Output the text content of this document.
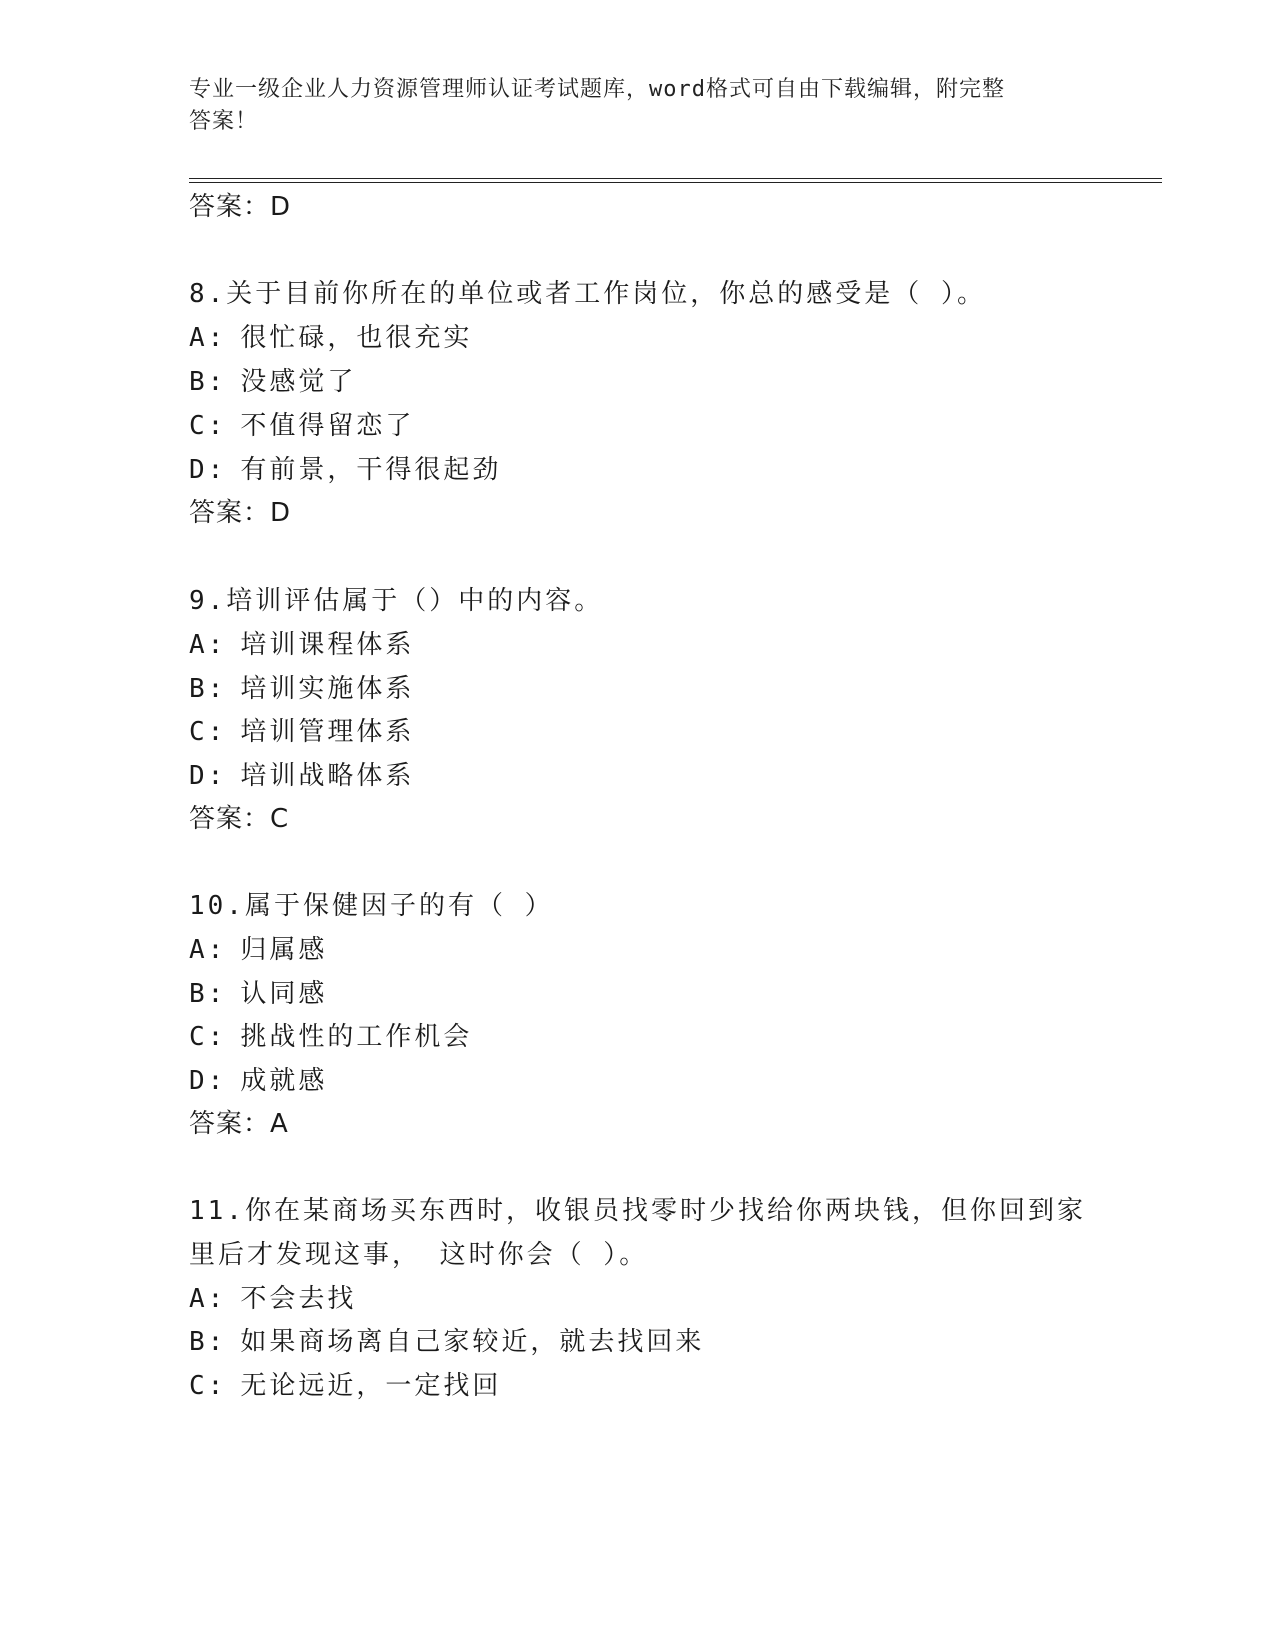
专业一级企业人力资源管理师认证考试题库，word格式可自由下载编辑，附完整
答案！
答案：D
8.关于目前你所在的单位或者工作岗位，你总的感受是（ ）。
A: 很忙碌，也很充实
B: 没感觉了
C: 不值得留恋了
D: 有前景，干得很起劲
答案：D
9.培训评估属于（）中的内容。
A: 培训课程体系
B: 培训实施体系
C: 培训管理体系
D: 培训战略体系
答案：C
10.属于保健因子的有（ ）
A: 归属感
B: 认同感
C: 挑战性的工作机会
D: 成就感
答案：A
11.你在某商场买东西时，收银员找零时少找给你两块钱，但你回到家
里后才发现这事， 这时你会（ ）。
A: 不会去找
B: 如果商场离自己家较近，就去找回来
C: 无论远近，一定找回
